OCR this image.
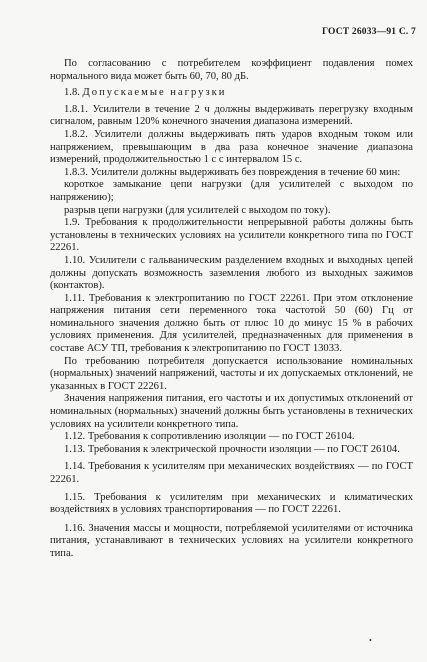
ГОСТ 26033—91 С. 7

По согласованию с потребителем коэффициент подавления помех нормального вида может быть 60, 70, 80 дБ.

1.8. Допускаемые нагрузки

1.8.1. Усилители в течение 2 ч должны выдерживать перегрузку входным сигналом, равным 120% конечного значения диапазона измерений.

1.8.2. Усилители должны выдерживать пять ударов входным током или напряжением, превышающим в два раза конечное значение диапазона измерений, продолжительностью 1 с с интервалом 15 с.

1.8.3. Усилители должны выдерживать без повреждения в течение 60 мин:

короткое замыкание цепи нагрузки (для усилителей с выходом по напряжению);

разрыв цепи нагрузки (для усилителей с выходом по току).

1.9. Требования к продолжительности непрерывной работы должны быть установлены в технических условиях на усилители конкретного типа по ГОСТ 22261.

1.10. Усилители с гальваническим разделением входных и выходных цепей должны допускать возможность заземления любого из выходных зажимов (контактов).

1.11. Требования к электропитанию по ГОСТ 22261. При этом отклонение напряжения питания сети переменного тока частотой 50 (60) Гц от номинального значения должно быть от плюс 10 до минус 15 % в рабочих условиях применения. Для усилителей, предназначенных для применения в составе АСУ ТП, требования к электропитанию по ГОСТ 13033.

По требованию потребителя допускается использование номинальных (нормальных) значений напряжений, частоты и их допускаемых отклонений, не указанных в ГОСТ 22261.

Значения напряжения питания, его частоты и их допустимых отклонений от номинальных (нормальных) значений должны быть установлены в технических условиях на усилители конкретного типа.

1.12. Требования к сопротивлению изоляции — по ГОСТ 26104.

1.13. Требования к электрической прочности изоляции — по ГОСТ 26104.

1.14. Требования к усилителям при механических воздействиях — по ГОСТ 22261.

1.15. Требования к усилителям при механических и климатических воздействиях в условиях транспортирования — по ГОСТ 22261.

1.16. Значения массы и мощности, потребляемой усилителями от источника питания, устанавливают в технических условиях на усилители конкретного типа.

•
